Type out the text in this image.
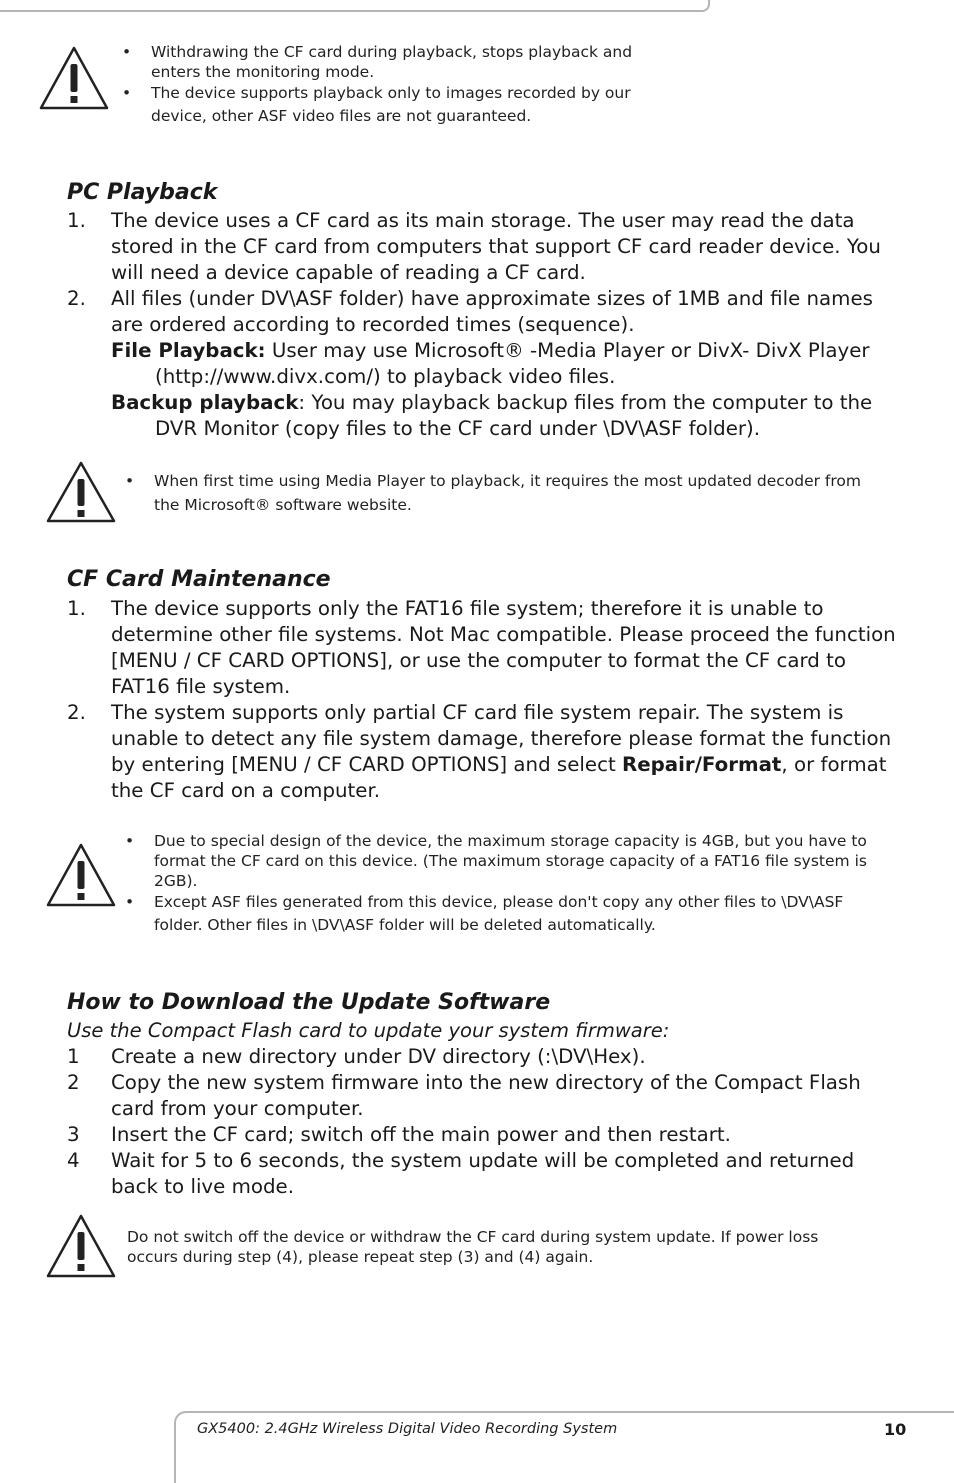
• Withdrawing the CF card during playback, stops playback and enters the monitoring mode.
• The device supports playback only to images recorded by our device, other ASF video files are not guaranteed.
PC Playback
1. The device uses a CF card as its main storage. The user may read the data stored in the CF card from computers that support CF card reader device. You will need a device capable of reading a CF card.
2. All files (under DV\ASF folder) have approximate sizes of 1MB and file names are ordered according to recorded times (sequence).
File Playback: User may use Microsoft® -Media Player or DivX- DivX Player (http://www.divx.com/) to playback video files.
Backup playback: You may playback backup files from the computer to the DVR Monitor (copy files to the CF card under \DV\ASF folder).
• When first time using Media Player to playback, it requires the most updated decoder from the Microsoft® software website.
CF Card Maintenance
1. The device supports only the FAT16 file system; therefore it is unable to determine other file systems. Not Mac compatible. Please proceed the function [MENU / CF CARD OPTIONS], or use the computer to format the CF card to FAT16 file system.
2. The system supports only partial CF card file system repair. The system is unable to detect any file system damage, therefore please format the function by entering [MENU / CF CARD OPTIONS] and select Repair/Format, or format the CF card on a computer.
• Due to special design of the device, the maximum storage capacity is 4GB, but you have to format the CF card on this device. (The maximum storage capacity of a FAT16 file system is 2GB).
• Except ASF files generated from this device, please don't copy any other files to \DV\ASF folder. Other files in \DV\ASF folder will be deleted automatically.
How to Download the Update Software
Use the Compact Flash card to update your system firmware:
1 Create a new directory under DV directory (:\DV\Hex).
2 Copy the new system firmware into the new directory of the Compact Flash card from your computer.
3 Insert the CF card; switch off the main power and then restart.
4 Wait for 5 to 6 seconds, the system update will be completed and returned back to live mode.
Do not switch off the device or withdraw the CF card during system update. If power loss occurs during step (4), please repeat step (3) and (4) again.
GX5400: 2.4GHz Wireless Digital Video Recording System	10
